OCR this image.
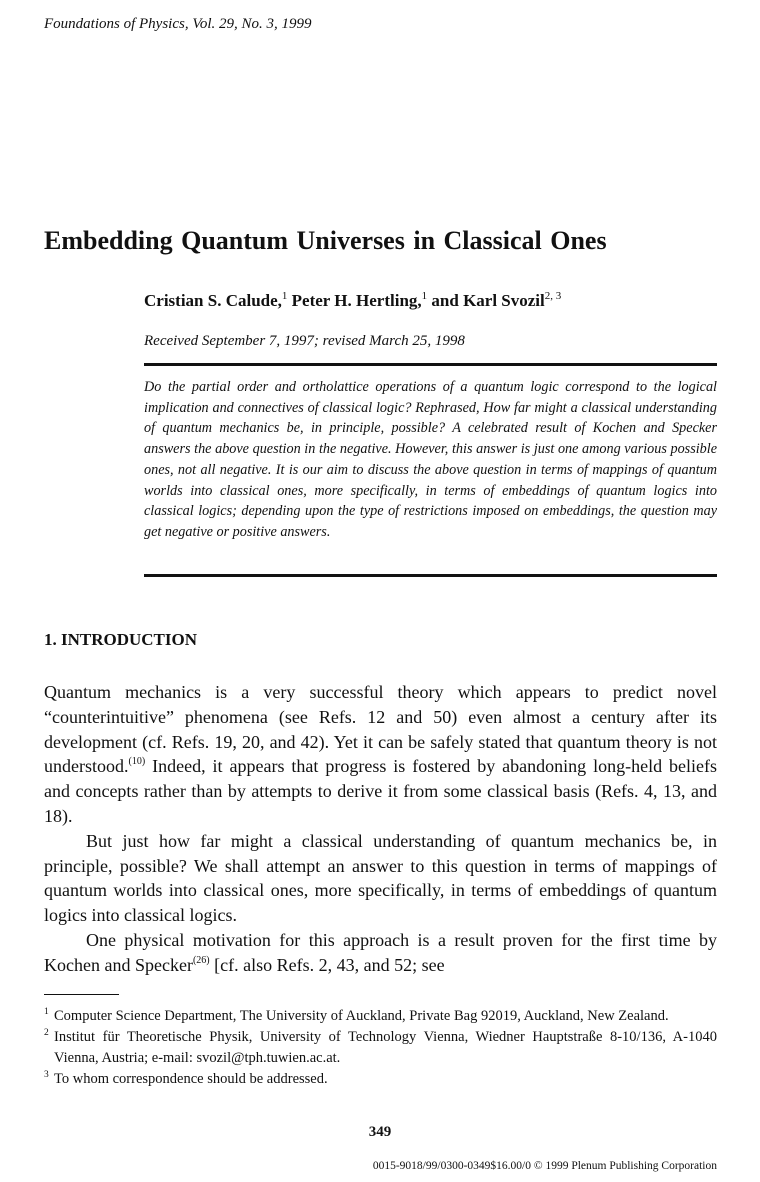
Foundations of Physics, Vol. 29, No. 3, 1999
Embedding Quantum Universes in Classical Ones
Cristian S. Calude,$^1$ Peter H. Hertling,$^1$ and Karl Svozil$^{2, 3}$
Received September 7, 1997; revised March 25, 1998
Do the partial order and ortholattice operations of a quantum logic correspond to the logical implication and connectives of classical logic? Rephrased, How far might a classical understanding of quantum mechanics be, in principle, possible? A celebrated result of Kochen and Specker answers the above question in the negative. However, this answer is just one among various possible ones, not all negative. It is our aim to discuss the above question in terms of mappings of quantum worlds into classical ones, more specifically, in terms of embeddings of quantum logics into classical logics; depending upon the type of restrictions imposed on embeddings, the question may get negative or positive answers.
1. INTRODUCTION

Quantum mechanics is a very successful theory which appears to predict novel “counterintuitive” phenomena (see Refs. 12 and 50) even almost a century after its development (cf. Refs. 19, 20, and 42). Yet it can be safely stated that quantum theory is not understood.$^{(10)}$ Indeed, it appears that progress is fostered by abandoning long-held beliefs and concepts rather than by attempts to derive it from some classical basis (Refs. 4, 13, and 18).

But just how far might a classical understanding of quantum mechanics be, in principle, possible? We shall attempt an answer to this question in terms of mappings of quantum worlds into classical ones, more specifically, in terms of embeddings of quantum logics into classical logics.

One physical motivation for this approach is a result proven for the first time by Kochen and Specker$^{(26)}$ [cf. also Refs. 2, 43, and 52; see

1 Computer Science Department, The University of Auckland, Private Bag 92019, Auckland, New Zealand.
2 Institut für Theoretische Physik, University of Technology Vienna, Wiedner Hauptstraße 8-10/136, A-1040 Vienna, Austria; e-mail: svozil@tph.tuwien.ac.at.
3 To whom correspondence should be addressed.
349
0015-9018/99/0300-0349$16.00/0 © 1999 Plenum Publishing Corporation
